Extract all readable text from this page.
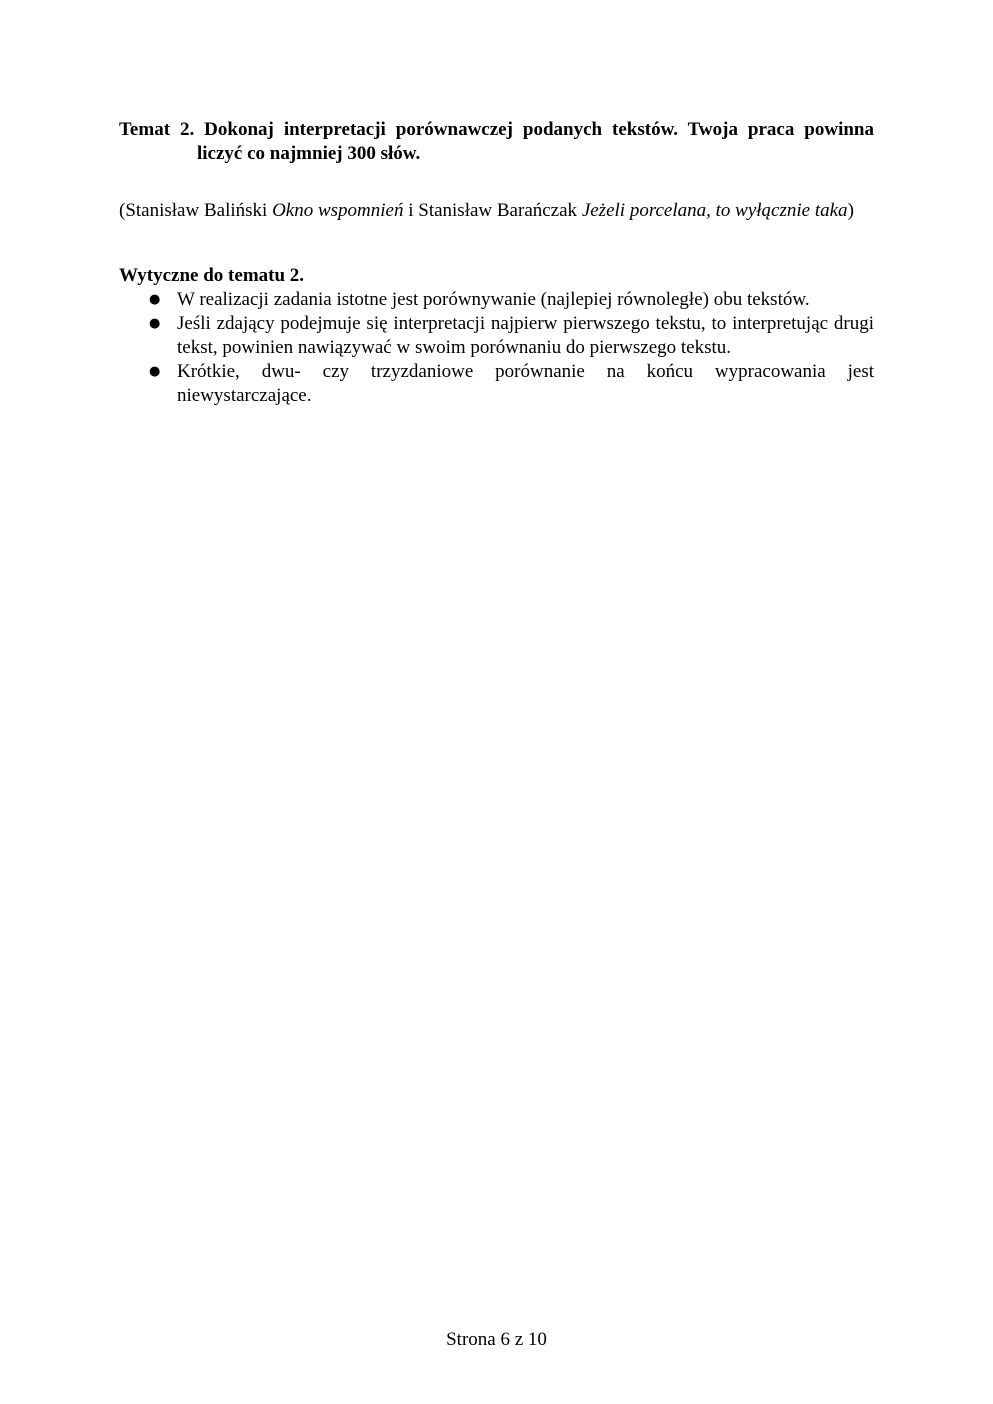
Temat 2. Dokonaj interpretacji porównawczej podanych tekstów. Twoja praca powinna liczyć co najmniej 300 słów.
(Stanisław Baliński Okno wspomnień i Stanisław Barańczak Jeżeli porcelana, to wyłącznie taka)
Wytyczne do tematu 2.
● W realizacji zadania istotne jest porównywanie (najlepiej równoległe) obu tekstów.
● Jeśli zdający podejmuje się interpretacji najpierw pierwszego tekstu, to interpretując drugi tekst, powinien nawiązywać w swoim porównaniu do pierwszego tekstu.
● Krótkie, dwu- czy trzyzdaniowe porównanie na końcu wypracowania jest niewystarczające.
Strona 6 z 10
